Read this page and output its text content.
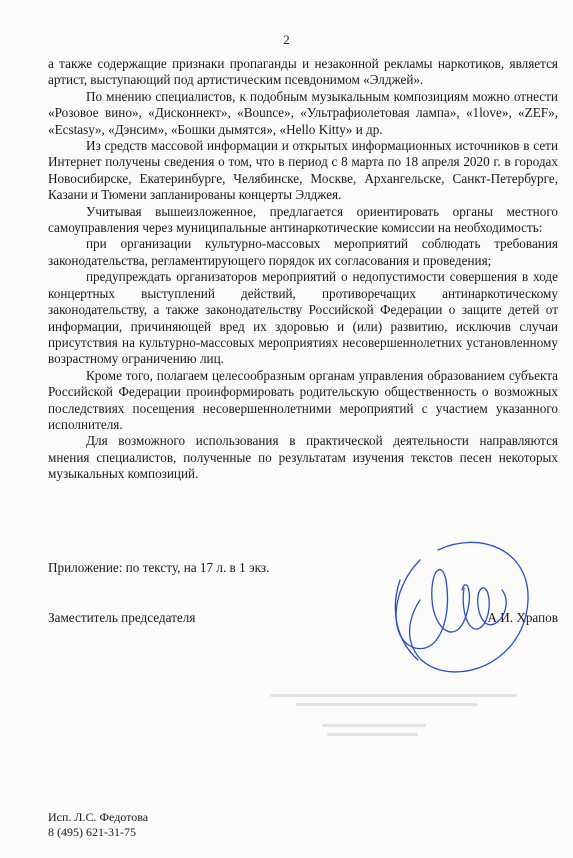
2

а также содержащие признаки пропаганды и незаконной рекламы наркотиков, является артист, выступающий под артистическим псевдонимом «Элджей».

По мнению специалистов, к подобным музыкальным композициям можно отнести «Розовое вино», «Дисконнект», «Bounce», «Ультрафиолетовая лампа», «1love», «ZEF», «Ecstasy», «Дэнсим», «Бошки дымятся», «Hello Kitty» и др.

Из средств массовой информации и открытых информационных источников в сети Интернет получены сведения о том, что в период с 8 марта по 18 апреля 2020 г. в городах Новосибирске, Екатеринбурге, Челябинске, Москве, Архангельске, Санкт-Петербурге, Казани и Тюмени запланированы концерты Элджея.

Учитывая вышеизложенное, предлагается ориентировать органы местного самоуправления через муниципальные антинаркотические комиссии на необходимость:

при организации культурно-массовых мероприятий соблюдать требования законодательства, регламентирующего порядок их согласования и проведения;

предупреждать организаторов мероприятий о недопустимости совершения в ходе концертных выступлений действий, противоречащих антинаркотическому законодательству, а также законодательству Российской Федерации о защите детей от информации, причиняющей вред их здоровью и (или) развитию, исключив случаи присутствия на культурно-массовых мероприятиях несовершеннолетних установленному возрастному ограничению лиц.

Кроме того, полагаем целесообразным органам управления образованием субъекта Российской Федерации проинформировать родительскую общественность о возможных последствиях посещения несовершеннолетними мероприятий с участием указанного исполнителя.

Для возможного использования в практической деятельности направляются мнения специалистов, полученные по результатам изучения текстов песен некоторых музыкальных композиций.

Приложение: по тексту, на 17 л. в 1 экз.
Заместитель председателя	А.И. Храпов
Исп. Л.С. Федотова
8 (495) 621-31-75
